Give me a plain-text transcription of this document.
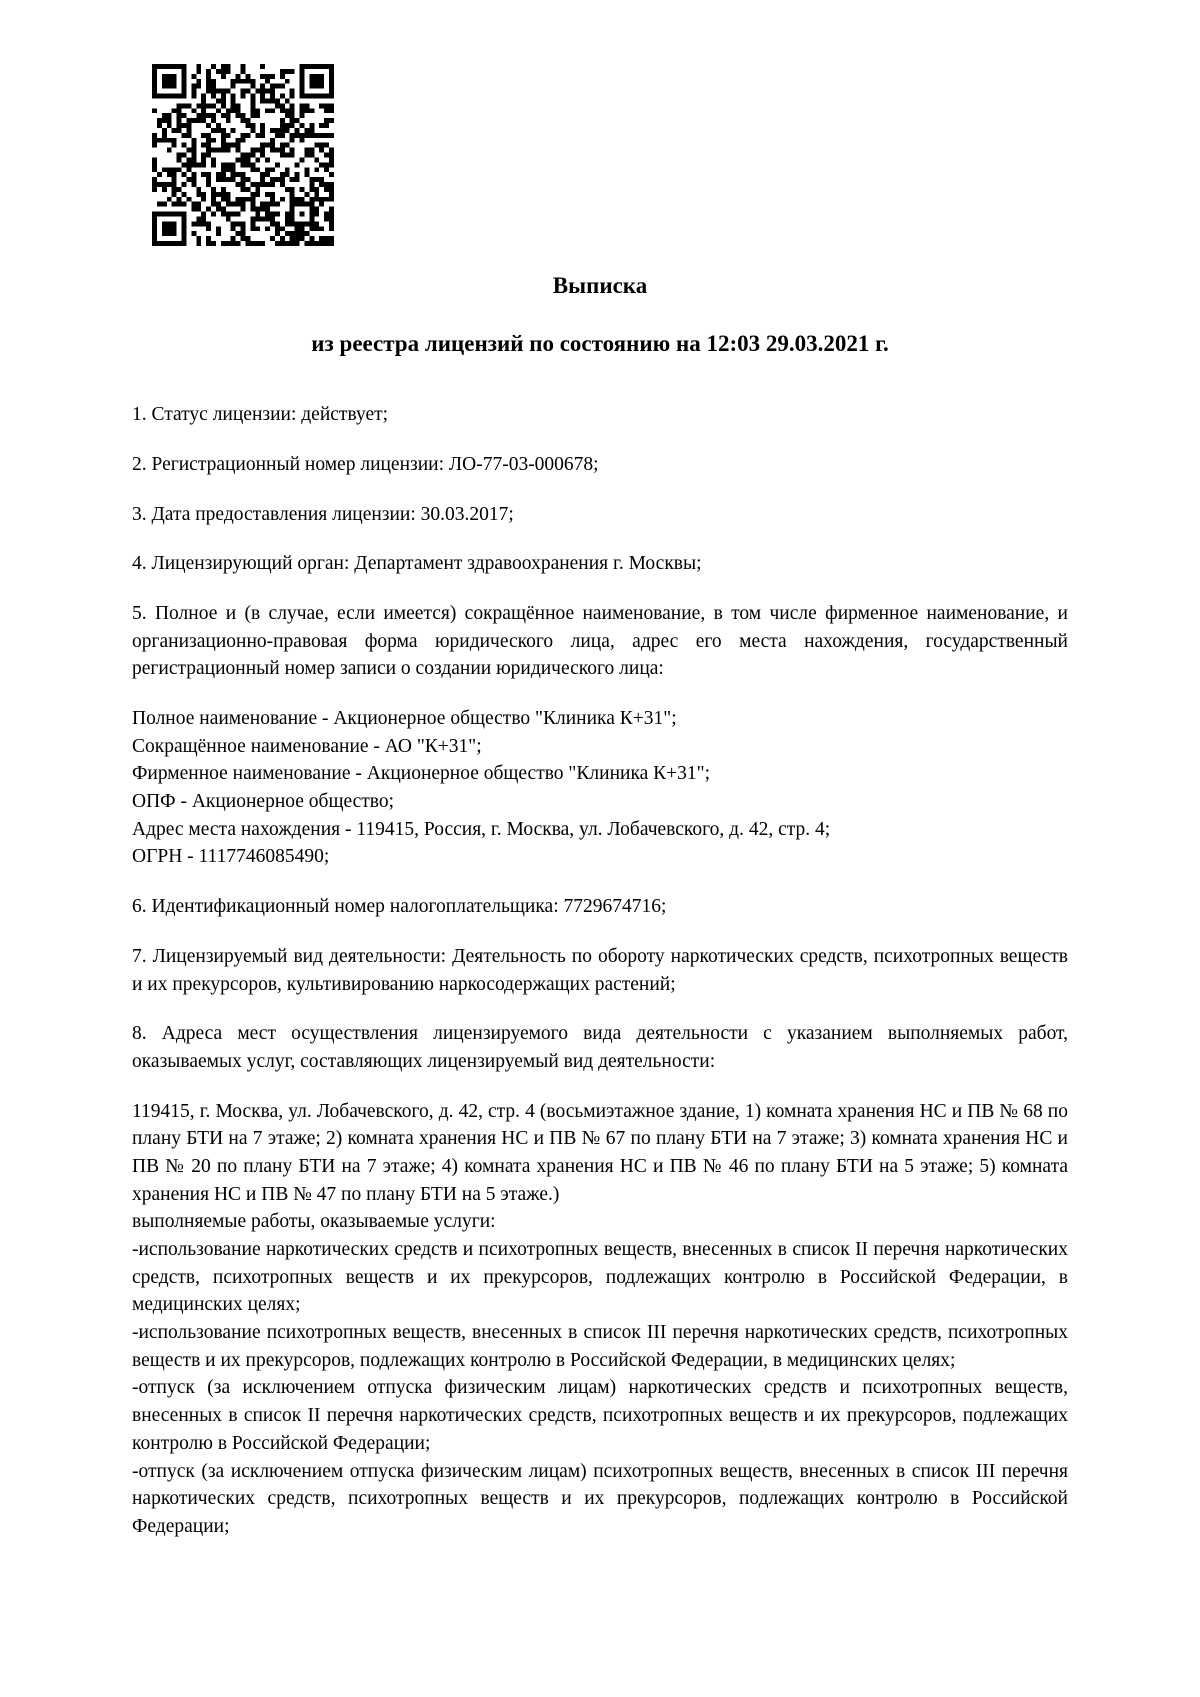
Выписка
из реестра лицензий по состоянию на 12:03 29.03.2021 г.

1. Статус лицензии: действует;

2. Регистрационный номер лицензии: ЛО-77-03-000678;

3. Дата предоставления лицензии: 30.03.2017;

4. Лицензирующий орган: Департамент здравоохранения г. Москвы;

5. Полное и (в случае, если имеется) сокращённое наименование, в том числе фирменное наименование, и организационно-правовая форма юридического лица, адрес его места нахождения, государственный регистрационный номер записи о создании юридического лица:

Полное наименование - Акционерное общество "Клиника К+31";
Сокращённое наименование - АО "К+31";
Фирменное наименование - Акционерное общество "Клиника К+31";
ОПФ - Акционерное общество;
Адрес места нахождения - 119415, Россия, г. Москва, ул. Лобачевского, д. 42, стр. 4;
ОГРН - 1117746085490;

6. Идентификационный номер налогоплательщика: 7729674716;

7. Лицензируемый вид деятельности: Деятельность по обороту наркотических средств, психотропных веществ и их прекурсоров, культивированию наркосодержащих растений;

8. Адреса мест осуществления лицензируемого вида деятельности с указанием выполняемых работ, оказываемых услуг, составляющих лицензируемый вид деятельности:

119415, г. Москва, ул. Лобачевского, д. 42, стр. 4 (восьмиэтажное здание, 1) комната хранения НС и ПВ № 68 по плану БТИ на 7 этаже; 2) комната хранения НС и ПВ № 67 по плану БТИ на 7 этаже; 3) комната хранения НС и ПВ № 20 по плану БТИ на 7 этаже; 4) комната хранения НС и ПВ № 46 по плану БТИ на 5 этаже; 5) комната хранения НС и ПВ № 47 по плану БТИ на 5 этаже.)

выполняемые работы, оказываемые услуги:

-использование наркотических средств и психотропных веществ, внесенных в список II перечня наркотических средств, психотропных веществ и их прекурсоров, подлежащих контролю в Российской Федерации, в медицинских целях;

-использование психотропных веществ, внесенных в список III перечня наркотических средств, психотропных веществ и их прекурсоров, подлежащих контролю в Российской Федерации, в медицинских целях;

-отпуск (за исключением отпуска физическим лицам) наркотических средств и психотропных веществ, внесенных в список II перечня наркотических средств, психотропных веществ и их прекурсоров, подлежащих контролю в Российской Федерации;

-отпуск (за исключением отпуска физическим лицам) психотропных веществ, внесенных в список III перечня наркотических средств, психотропных веществ и их прекурсоров, подлежащих контролю в Российской Федерации;
